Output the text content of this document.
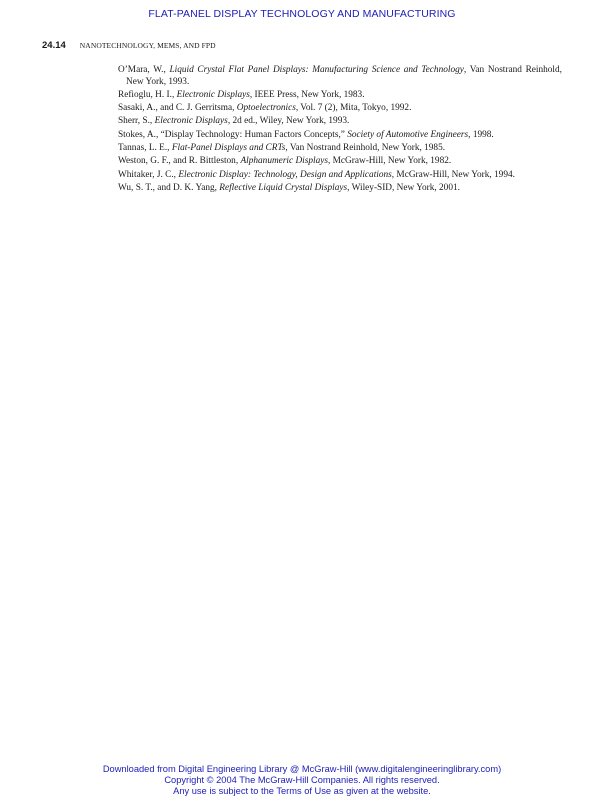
FLAT-PANEL DISPLAY TECHNOLOGY AND MANUFACTURING
24.14 NANOTECHNOLOGY, MEMS, AND FPD
O’Mara, W., Liquid Crystal Flat Panel Displays: Manufacturing Science and Technology, Van Nostrand Reinhold, New York, 1993.
Refioglu, H. I., Electronic Displays, IEEE Press, New York, 1983.
Sasaki, A., and C. J. Gerritsma, Optoelectronics, Vol. 7 (2), Mita, Tokyo, 1992.
Sherr, S., Electronic Displays, 2d ed., Wiley, New York, 1993.
Stokes, A., “Display Technology: Human Factors Concepts,” Society of Automotive Engineers, 1998.
Tannas, L. E., Flat-Panel Displays and CRTs, Van Nostrand Reinhold, New York, 1985.
Weston, G. F., and R. Bittleston, Alphanumeric Displays, McGraw-Hill, New York, 1982.
Whitaker, J. C., Electronic Display: Technology, Design and Applications, McGraw-Hill, New York, 1994.
Wu, S. T., and D. K. Yang, Reflective Liquid Crystal Displays, Wiley-SID, New York, 2001.
Downloaded from Digital Engineering Library @ McGraw-Hill (www.digitalengineeringlibrary.com)
Copyright © 2004 The McGraw-Hill Companies. All rights reserved.
Any use is subject to the Terms of Use as given at the website.
